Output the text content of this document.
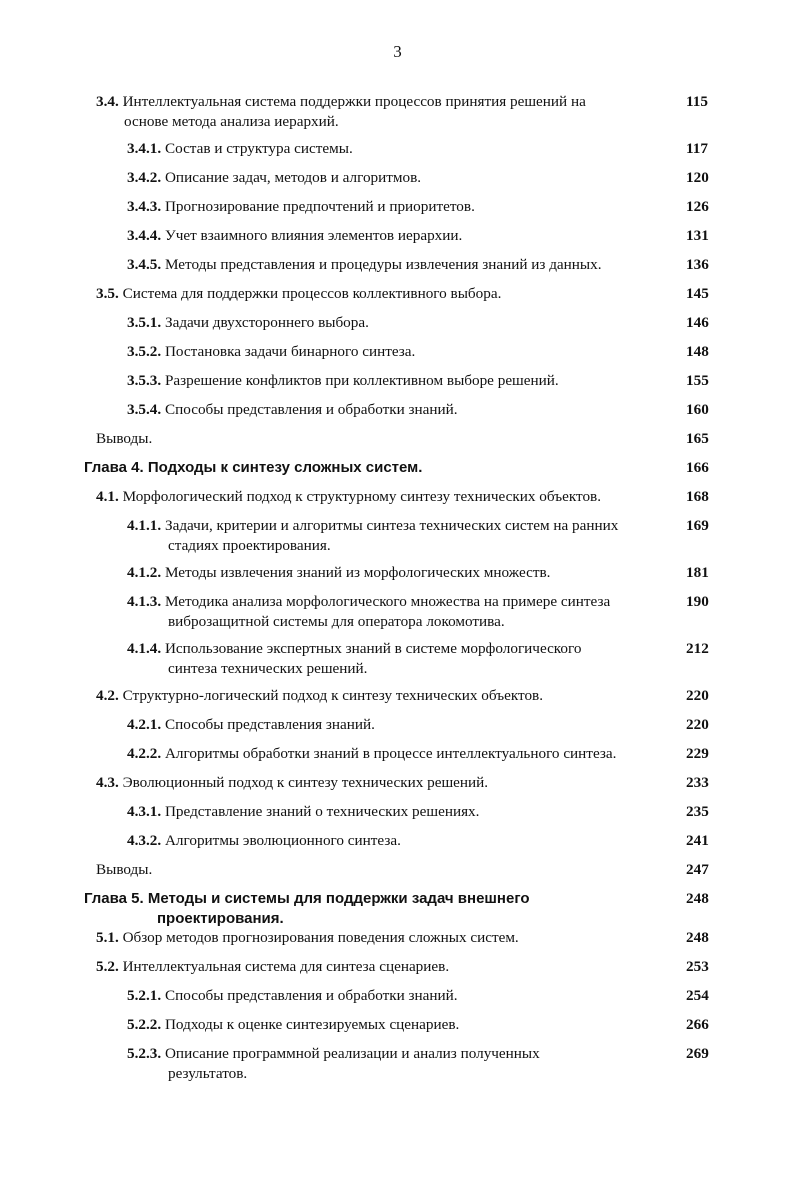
3
3.4. Интеллектуальная система поддержки процессов принятия решений на
основе метода анализа иерархий.
115
3.4.1. Состав и структура системы.	117
3.4.2. Описание задач, методов и алгоритмов.	120
3.4.3. Прогнозирование предпочтений и приоритетов.	126
3.4.4. Учет взаимного влияния элементов иерархии.	131
3.4.5. Методы представления и процедуры извлечения знаний из данных.	136
3.5. Система для поддержки процессов коллективного выбора.	145
3.5.1. Задачи двухстороннего выбора.	146
3.5.2. Постановка задачи бинарного синтеза.	148
3.5.3. Разрешение конфликтов при коллективном выборе решений.	155
3.5.4. Способы представления и обработки знаний.	160
Выводы.	165
Глава 4. Подходы к синтезу сложных систем.	166
4.1. Морфологический подход к структурному синтезу технических объектов.	168
4.1.1. Задачи, критерии и алгоритмы синтеза технических систем на ранних
стадиях проектирования.
169
4.1.2. Методы извлечения знаний из морфологических множеств.	181
4.1.3. Методика анализа морфологического множества на примере синтеза
виброзащитной системы для оператора локомотива.
190
4.1.4. Использование экспертных знаний в системе морфологического
синтеза технических решений.
212
4.2. Структурно-логический подход к синтезу технических объектов.	220
4.2.1. Способы представления знаний.	220
4.2.2. Алгоритмы обработки знаний в процессе интеллектуального синтеза.	229
4.3. Эволюционный подход к синтезу технических решений.	233
4.3.1. Представление знаний о технических решениях.	235
4.3.2. Алгоритмы эволюционного синтеза.	241
Выводы.	247
Глава 5. Методы и системы для поддержки задач внешнего
проектирования.
248
5.1. Обзор методов прогнозирования поведения сложных систем.	248
5.2. Интеллектуальная система для синтеза сценариев.	253
5.2.1. Способы представления и обработки знаний.	254
5.2.2. Подходы к оценке синтезируемых сценариев.	266
5.2.3. Описание программной реализации и анализ полученных
результатов.
269
